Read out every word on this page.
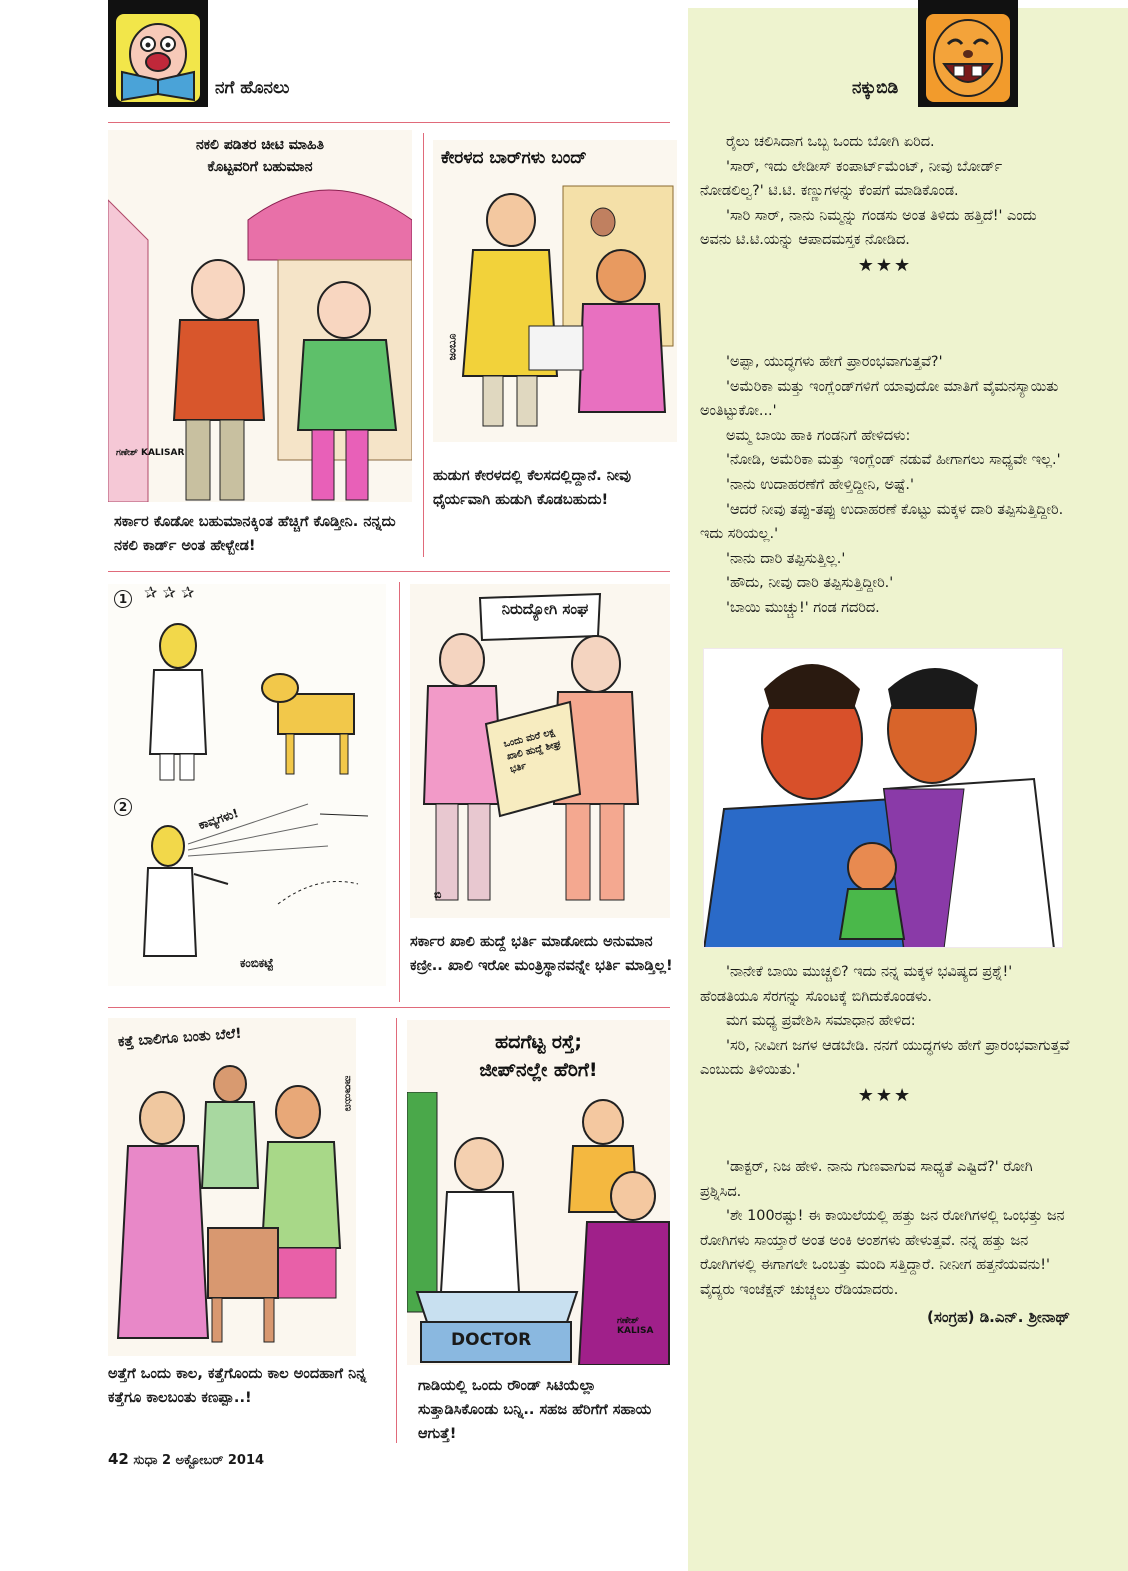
ನಗೆ ಹೊನಲು	ನಕ್ಕುಬಿಡಿ
ನಕಲಿ ಪಡಿತರ ಚೀಟಿ ಮಾಹಿತಿ
ಕೊಟ್ಟವರಿಗೆ ಬಹುಮಾನ
ಗಣೇಶ್ KALISAR
ಸರ್ಕಾರ ಕೊಡೋ ಬಹುಮಾನಕ್ಕಿಂತ ಹೆಚ್ಚಿಗೆ ಕೊಡ್ತೀನಿ. ನನ್ನದು ನಕಲಿ ಕಾರ್ಡ್ ಅಂತ ಹೇಳ್ಬೇಡ!
ಕೇರಳದ ಬಾರ್‌ಗಳು ಬಂದ್
ಜಂಬೂ
ಹುಡುಗ ಕೇರಳದಲ್ಲಿ ಕೆಲಸದಲ್ಲಿದ್ದಾನೆ. ನೀವು ಧೈರ್ಯವಾಗಿ ಹುಡುಗಿ ಕೊಡಬಹುದು!
1
2
✰ ✰ ✰
ಕಾವ್ಯಗಳು!
ಕಂಬಿಕಟ್ಟೆ
ನಿರುದ್ಯೋಗಿ ಸಂಘ
ಒಂದು ಮರೆ ಲಕ್ಷ ಖಾಲಿ ಹುದ್ದೆ ಶೀಘ್ರ ಭರ್ತಿ
ಬಿ
ಸರ್ಕಾರ ಖಾಲಿ ಹುದ್ದೆ ಭರ್ತಿ ಮಾಡೋದು ಅನುಮಾನ ಕಣ್ರೀ.. ಖಾಲಿ ಇರೋ ಮಂತ್ರಿಸ್ಥಾನವನ್ನೇ ಭರ್ತಿ ಮಾಡ್ತಿಲ್ಲ!
ಕತ್ತೆ ಬಾಲಿಗೂ ಬಂತು ಬೆಲೆ!
ನಾರಾಯಣ
ಅತ್ತೆಗೆ ಒಂದು ಕಾಲ, ಕತ್ತೆಗೊಂದು ಕಾಲ ಅಂದಹಾಗೆ ನಿನ್ನ ಕತ್ತೆಗೂ ಕಾಲಬಂತು ಕಣಪ್ಪಾ..!
ಹದಗೆಟ್ಟ ರಸ್ತೆ;
ಜೀಪ್‌ನಲ್ಲೇ ಹೆರಿಗೆ!
DOCTOR
ಗಣೇಶ್ KALISA
ಗಾಡಿಯಲ್ಲಿ ಒಂದು ರೌಂಡ್ ಸಿಟಿಯೆಲ್ಲಾ ಸುತ್ತಾಡಿಸಿಕೊಂಡು ಬನ್ನಿ.. ಸಹಜ ಹೆರಿಗೆಗೆ ಸಹಾಯ ಆಗುತ್ತೆ!

ರೈಲು ಚಲಿಸಿದಾಗ ಒಬ್ಬ ಒಂದು ಬೋಗಿ ಏರಿದ.

'ಸಾರ್, ಇದು ಲೇಡೀಸ್ ಕಂಪಾರ್ಟ್‌ಮೆಂಟ್, ನೀವು ಬೋರ್ಡ್ ನೋಡಲಿಲ್ವ?' ಟಿ.ಟಿ. ಕಣ್ಣುಗಳನ್ನು ಕೆಂಪಗೆ ಮಾಡಿಕೊಂಡ.

'ಸಾರಿ ಸಾರ್, ನಾನು ನಿಮ್ಮನ್ನು ಗಂಡಸು ಅಂತ ತಿಳಿದು ಹತ್ತಿದೆ!' ಎಂದು ಅವನು ಟಿ.ಟಿ.ಯನ್ನು ಆಪಾದಮಸ್ತಕ ನೋಡಿದ.

★★★

'ಅಪ್ಪಾ, ಯುದ್ಧಗಳು ಹೇಗೆ ಪ್ರಾರಂಭವಾಗುತ್ತವೆ?'

'ಅಮೆರಿಕಾ ಮತ್ತು ಇಂಗ್ಲೆಂಡ್‌ಗಳಿಗೆ ಯಾವುದೋ ಮಾತಿಗೆ ವೈಮನಸ್ಯಾಯಿತು ಅಂತಿಟ್ಟುಕೋ...'

ಅಮ್ಮ ಬಾಯಿ ಹಾಕಿ ಗಂಡನಿಗೆ ಹೇಳಿದಳು:

'ನೋಡಿ, ಅಮೆರಿಕಾ ಮತ್ತು ಇಂಗ್ಲೆಂಡ್ ನಡುವೆ ಹೀಗಾಗಲು ಸಾಧ್ಯವೇ ಇಲ್ಲ.'

'ನಾನು ಉದಾಹರಣೆಗೆ ಹೇಳ್ತಿದ್ದೀನಿ, ಅಷ್ಟೆ.'

'ಆದರೆ ನೀವು ತಪ್ಪು-ತಪ್ಪು ಉದಾಹರಣೆ ಕೊಟ್ಟು ಮಕ್ಕಳ ದಾರಿ ತಪ್ಪಿಸುತ್ತಿದ್ದೀರಿ. ಇದು ಸರಿಯಲ್ಲ.'

'ನಾನು ದಾರಿ ತಪ್ಪಿಸುತ್ತಿಲ್ಲ.'

'ಹೌದು, ನೀವು ದಾರಿ ತಪ್ಪಿಸುತ್ತಿದ್ದೀರಿ.'

'ಬಾಯಿ ಮುಚ್ಚು!' ಗಂಡ ಗದರಿದ.

'ನಾನೇಕೆ ಬಾಯಿ ಮುಚ್ಚಲಿ? ಇದು ನನ್ನ ಮಕ್ಕಳ ಭವಿಷ್ಯದ ಪ್ರಶ್ನೆ!' ಹೆಂಡತಿಯೂ ಸೆರಗನ್ನು ಸೊಂಟಕ್ಕೆ ಬಿಗಿದುಕೊಂಡಳು.

ಮಗ ಮಧ್ಯ ಪ್ರವೇಶಿಸಿ ಸಮಾಧಾನ ಹೇಳಿದ:

'ಸರಿ, ನೀವೀಗ ಜಗಳ ಆಡಬೇಡಿ. ನನಗೆ ಯುದ್ಧಗಳು ಹೇಗೆ ಪ್ರಾರಂಭವಾಗುತ್ತವೆ ಎಂಬುದು ತಿಳಿಯಿತು.'

★★★

'ಡಾಕ್ಟರ್, ನಿಜ ಹೇಳಿ. ನಾನು ಗುಣವಾಗುವ ಸಾಧ್ಯತೆ ಎಷ್ಟಿದೆ?' ರೋಗಿ ಪ್ರಶ್ನಿಸಿದ.

'ಶೇ 100ರಷ್ಟು! ಈ ಕಾಯಿಲೆಯಲ್ಲಿ ಹತ್ತು ಜನ ರೋಗಿಗಳಲ್ಲಿ ಒಂಭತ್ತು ಜನ ರೋಗಿಗಳು ಸಾಯ್ತಾರೆ ಅಂತ ಅಂಕಿ ಅಂಶಗಳು ಹೇಳುತ್ತವೆ. ನನ್ನ ಹತ್ತು ಜನ ರೋಗಿಗಳಲ್ಲಿ ಈಗಾಗಲೇ ಒಂಬತ್ತು ಮಂದಿ ಸತ್ತಿದ್ದಾರೆ. ನೀನೀಗ ಹತ್ತನೆಯವನು!' ವೈದ್ಯರು ಇಂಜೆಕ್ಷನ್ ಚುಚ್ಚಲು ರೆಡಿಯಾದರು.

(ಸಂಗ್ರಹ) ಡಿ.ಎನ್. ಶ್ರೀನಾಥ್
42 ಸುಧಾ 2 ಅಕ್ಟೋಬರ್ 2014
